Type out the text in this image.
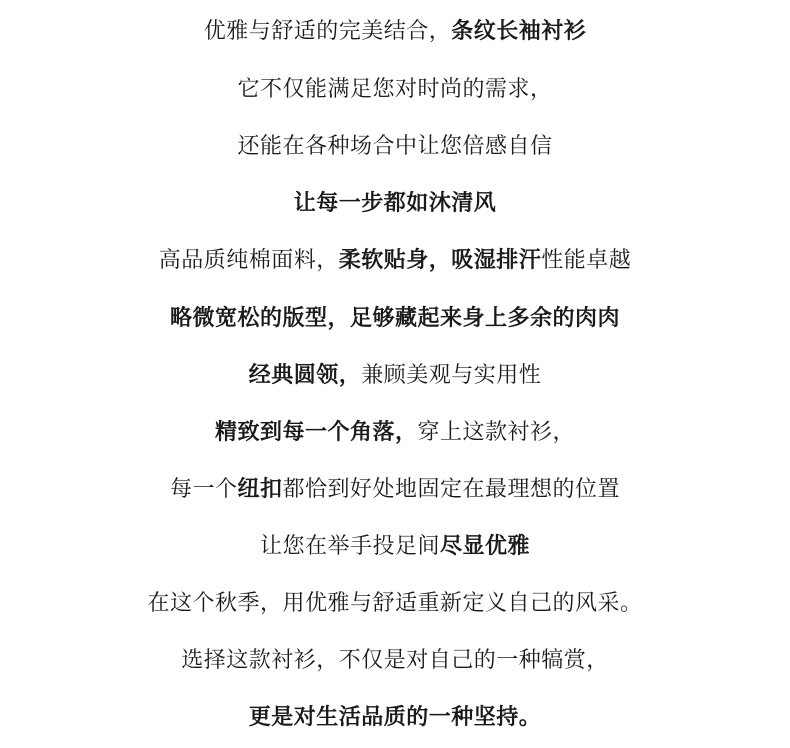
优雅与舒适的完美结合，条纹长袖衬衫
它不仅能满足您对时尚的需求，
还能在各种场合中让您倍感自信
让每一步都如沐清风
高品质纯棉面料，柔软贴身，吸湿排汗性能卓越
略微宽松的版型，足够藏起来身上多余的肉肉
经典圆领，兼顾美观与实用性
精致到每一个角落，穿上这款衬衫，
每一个纽扣都恰到好处地固定在最理想的位置
让您在举手投足间尽显优雅
在这个秋季，用优雅与舒适重新定义自己的风采。
选择这款衬衫，不仅是对自己的一种犒赏，
更是对生活品质的一种坚持。
